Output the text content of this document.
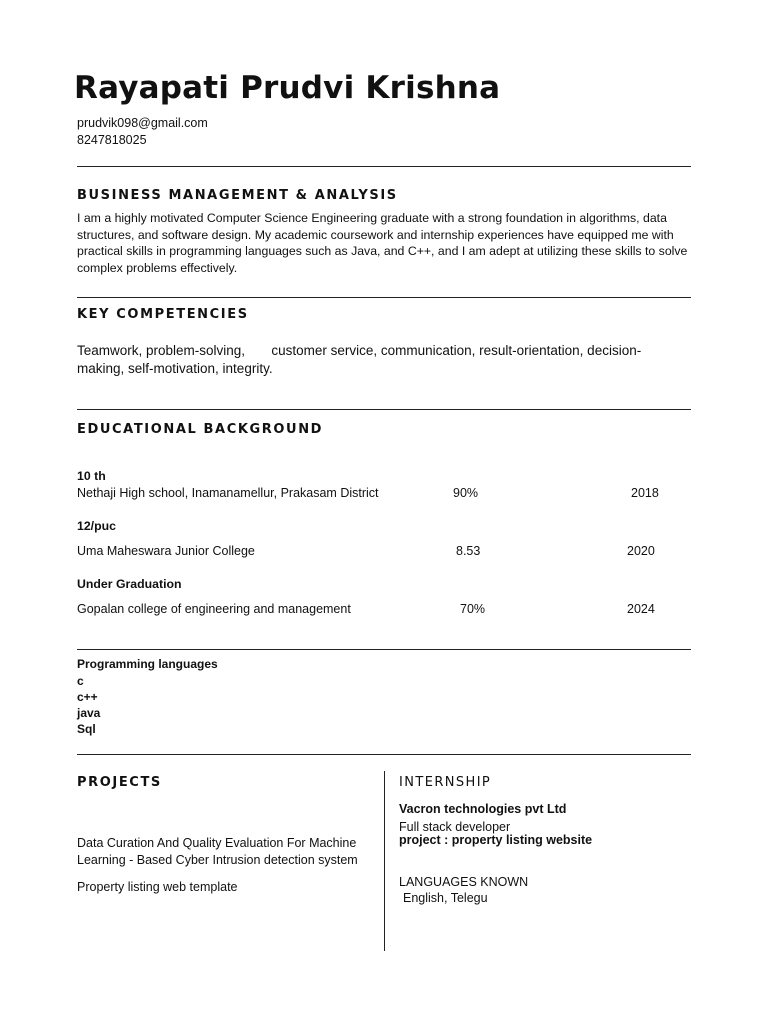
Rayapati Prudvi Krishna
prudvik098@gmail.com
8247818025
BUSINESS MANAGEMENT & ANALYSIS
I am a highly motivated Computer Science Engineering graduate with a strong foundation in algorithms, data structures, and software design. My academic coursework and internship experiences have equipped me with practical skills in programming languages such as Java, and C++, and I am adept at utilizing these skills to solve complex problems effectively.
KEY COMPETENCIES
Teamwork, problem-solving,       customer service, communication, result-orientation, decision-making, self-motivation, integrity.
EDUCATIONAL BACKGROUND
10 th
Nethaji High school, Inamanamellur, Prakasam District	90%	2018
12/puc
Uma Maheswara Junior College	8.53	2020
Under Graduation
Gopalan college of engineering and management	70%	2024
Programming languages
c
c++
java
Sql
PROJECTS
Data Curation And Quality Evaluation For Machine Learning - Based Cyber Intrusion detection system
Property listing web template
INTERNSHIP
Vacron technologies pvt Ltd
Full stack developer
project : property listing website
LANGUAGES KNOWN
English, Telegu
